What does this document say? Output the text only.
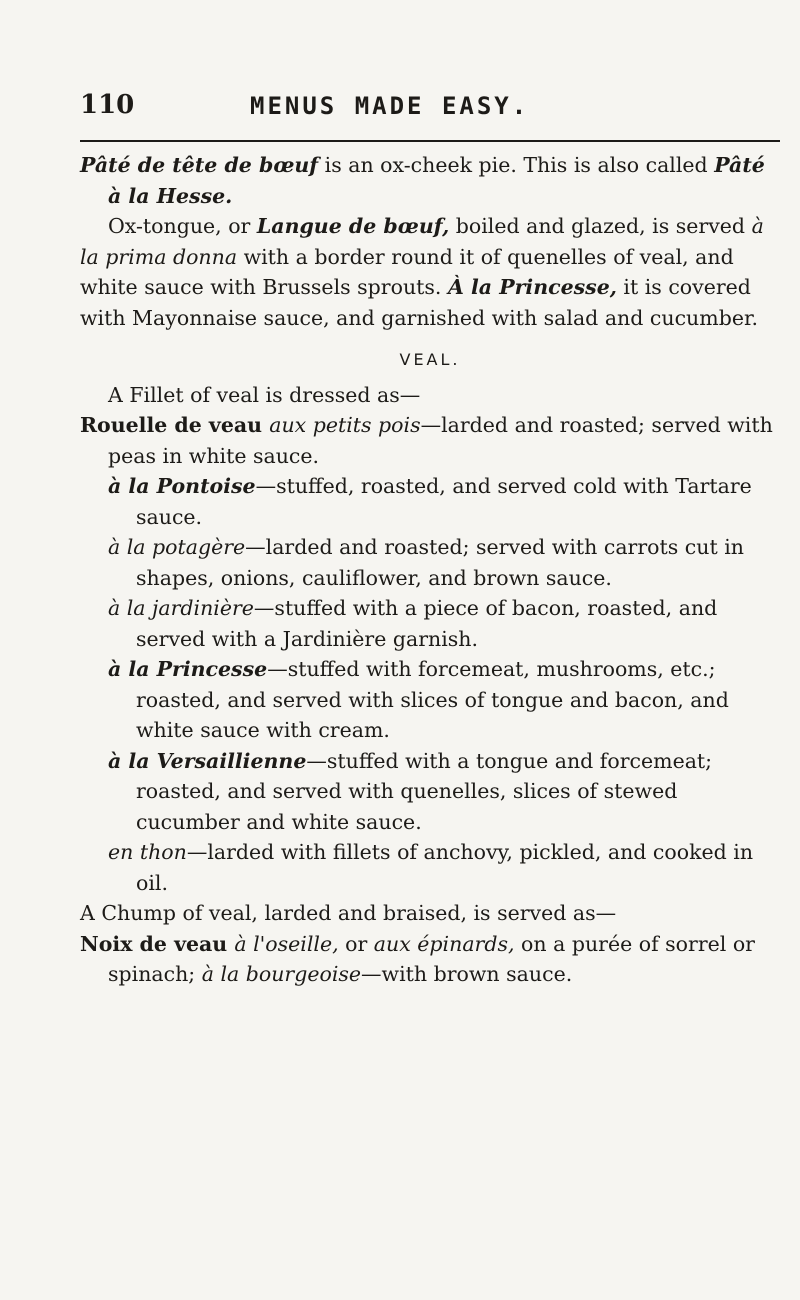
110	MENUS MADE EASY.

Pâté de tête de bœuf is an ox-cheek pie. This is also called Pâté à la Hesse.

Ox-tongue, or Langue de bœuf, boiled and glazed, is served à la prima donna with a border round it of quenelles of veal, and white sauce with Brussels sprouts. À la Princesse, it is covered with Mayonnaise sauce, and garnished with salad and cucumber.

VEAL.

A Fillet of veal is dressed as—

Rouelle de veau aux petits pois—larded and roasted; served with peas in white sauce.

à la Pontoise—stuffed, roasted, and served cold with Tartare sauce.

à la potagère—larded and roasted; served with carrots cut in shapes, onions, cauliflower, and brown sauce.

à la jardinière—stuffed with a piece of bacon, roasted, and served with a Jardinière garnish.

à la Princesse—stuffed with forcemeat, mushrooms, etc.; roasted, and served with slices of tongue and bacon, and white sauce with cream.

à la Versaillienne—stuffed with a tongue and forcemeat; roasted, and served with quenelles, slices of stewed cucumber and white sauce.

en thon—larded with fillets of anchovy, pickled, and cooked in oil.

A Chump of veal, larded and braised, is served as—

Noix de veau à l'oseille, or aux épinards, on a purée of sorrel or spinach; à la bourgeoise—with brown sauce.
